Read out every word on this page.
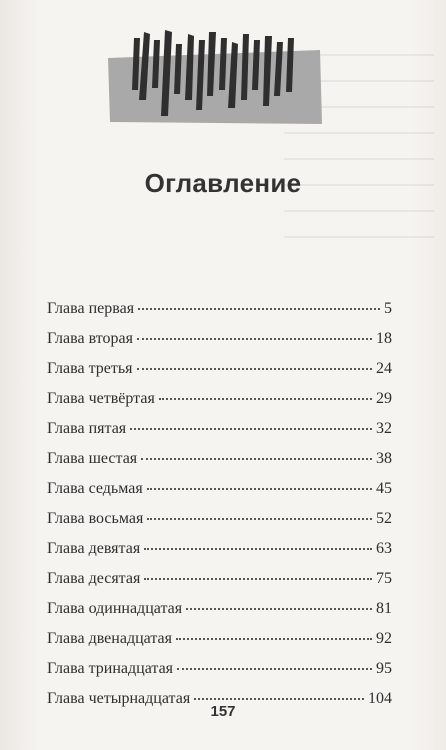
Оглавление
Глава первая	5
Глава вторая	18
Глава третья	24
Глава четвёртая	29
Глава пятая	32
Глава шестая	38
Глава седьмая	45
Глава восьмая	52
Глава девятая	63
Глава десятая	75
Глава одиннадцатая	81
Глава двенадцатая	92
Глава тринадцатая	95
Глава четырнадцатая	104
157
